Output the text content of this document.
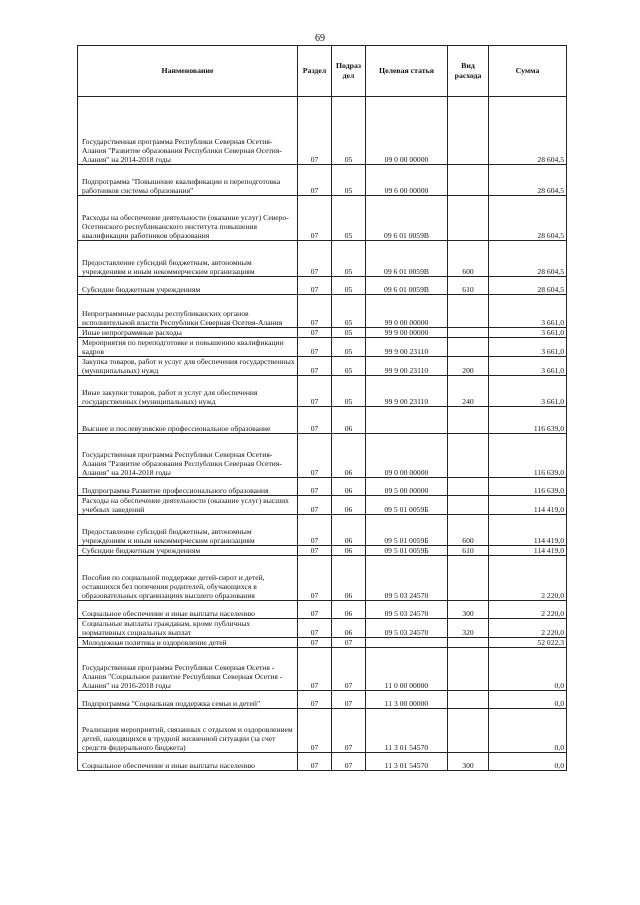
69
Наименование	Раздел	Подраз дел	Целевая статья	Вид расхода	Сумма
Государственная программа Республики Северная Осетия-Алания "Развитие образования Республики Северная Осетия-Алания" на 2014-2018 годы	07	05	09 0 00 00000		28 604,5
Подпрограмма "Повышение квалификации и переподготовка работников системы образования"	07	05	09 6 00 00000		28 604,5
Расходы на обеспечение деятельности (оказание услуг) Северо-Осетинского республиканского института повышения квалификации работников образования	07	05	09 6 01 0059В		28 604,5
Предоставление субсидий бюджетным, автономным учреждениям и иным некоммерческим организациям	07	05	09 6 01 0059В	600	28 604,5
Субсидии бюджетным учреждениям	07	05	09 6 01 0059В	610	28 604,5
Непрограммные расходы республиканских органов исполнительной власти Республики Северная Осетия-Алания	07	05	99 0 00 00000		3 661,0
Иные непрограммные расходы	07	05	99 9 00 00000		3 661,0
Мероприятия по переподготовке и повышению квалификации кадров	07	05	99 9 00 23110		3 661,0
Закупка товаров, работ и услуг для обеспечения государственных (муниципальных) нужд	07	05	99 9 00 23110	200	3 661,0
Иные закупки товаров, работ и услуг для обеспечения государственных (муниципальных) нужд	07	05	99 9 00 23110	240	3 661,0
Высшее и послевузовское профессиональное образование	07	06			116 639,0
Государственная программа Республики Северная Осетия-Алания "Развитие образования Республики Северная Осетия-Алания" на 2014-2018 годы	07	06	09 0 00 00000		116 639,0
Подпрограмма Развитие профессионального образования	07	06	09 5 00 00000		116 639,0
Расходы на обеспечение деятельности (оказание услуг) высших учебных заведений	07	06	09 5 01 0059Б		114 419,0
Предоставление субсидий бюджетным, автономным учреждениям и иным некоммерческим организациям	07	06	09 5 01 0059Б	600	114 419,0
Субсидии бюджетным учреждениям	07	06	09 5 01 0059Б	610	114 419,0
Пособия по социальной поддержке детей-сирот и детей, оставшихся без попечения родителей, обучающихся в образовательных организациях высшего образования	07	06	09 5 03 24570		2 220,0
Социальное обеспечение и иные выплаты населению	07	06	09 5 03 24570	300	2 220,0
Социальные выплаты гражданам, кроме публичных нормативных социальных выплат	07	06	09 5 03 24570	320	2 220,0
Молодежная политика и оздоровление детей	07	07			52 022,3
Государственная программа Республики Северная Осетия - Алания "Социальное развитие Республики Северная Осетия - Алания" на 2016-2018 годы	07	07	11 0 00 00000		0,0
Подпрограмма "Социальная поддержка семьи и детей"	07	07	11 3 00 00000		0,0
Реализация мероприятий, связанных с отдыхом и оздоровлением детей, находящихся в трудной жизненной ситуации (за счет средств федерального бюджета)	07	07	11 3 01 54570		0,0
Социальное обеспечение и иные выплаты населению	07	07	11 3 01 54570	300	0,0
